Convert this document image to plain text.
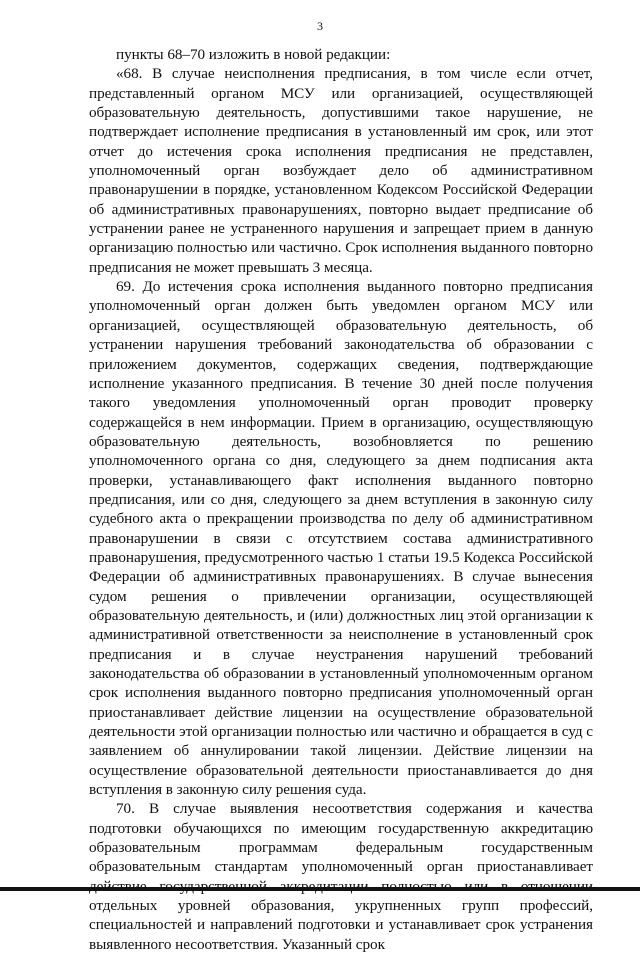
3

пункты 68–70 изложить в новой редакции:

«68. В случае неисполнения предписания, в том числе если отчет, представленный органом МСУ или организацией, осуществляющей образовательную деятельность, допустившими такое нарушение, не подтверждает исполнение предписания в установленный им срок, или этот отчет до истечения срока исполнения предписания не представлен, уполномоченный орган возбуждает дело об административном правонарушении в порядке, установленном Кодексом Российской Федерации об административных правонарушениях, повторно выдает предписание об устранении ранее не устраненного нарушения и запрещает прием в данную организацию полностью или частично. Срок исполнения выданного повторно предписания не может превышать 3 месяца.

69. До истечения срока исполнения выданного повторно предписания уполномоченный орган должен быть уведомлен органом МСУ или организацией, осуществляющей образовательную деятельность, об устранении нарушения требований законодательства об образовании с приложением документов, содержащих сведения, подтверждающие исполнение указанного предписания. В течение 30 дней после получения такого уведомления уполномоченный орган проводит проверку содержащейся в нем информации. Прием в организацию, осуществляющую образовательную деятельность, возобновляется по решению уполномоченного органа со дня, следующего за днем подписания акта проверки, устанавливающего факт исполнения выданного повторно предписания, или со дня, следующего за днем вступления в законную силу судебного акта о прекращении производства по делу об административном правонарушении в связи с отсутствием состава административного правонарушения, предусмотренного частью 1 статьи 19.5 Кодекса Российской Федерации об административных правонарушениях. В случае вынесения судом решения о привлечении организации, осуществляющей образовательную деятельность, и (или) должностных лиц этой организации к административной ответственности за неисполнение в установленный срок предписания и в случае неустранения нарушений требований законодательства об образовании в установленный уполномоченным органом срок исполнения выданного повторно предписания уполномоченный орган приостанавливает действие лицензии на осуществление образовательной деятельности этой организации полностью или частично и обращается в суд с заявлением об аннулировании такой лицензии. Действие лицензии на осуществление образовательной деятельности приостанавливается до дня вступления в законную силу решения суда.

70. В случае выявления несоответствия содержания и качества подготовки обучающихся по имеющим государственную аккредитацию образовательным программам федеральным государственным образовательным стандартам уполномоченный орган приостанавливает отдельных уровней образования, укрупненных групп профессий, специальностей и направлений подготовки и устанавливает срок устранения выявленного несоответствия. Указанный срок
